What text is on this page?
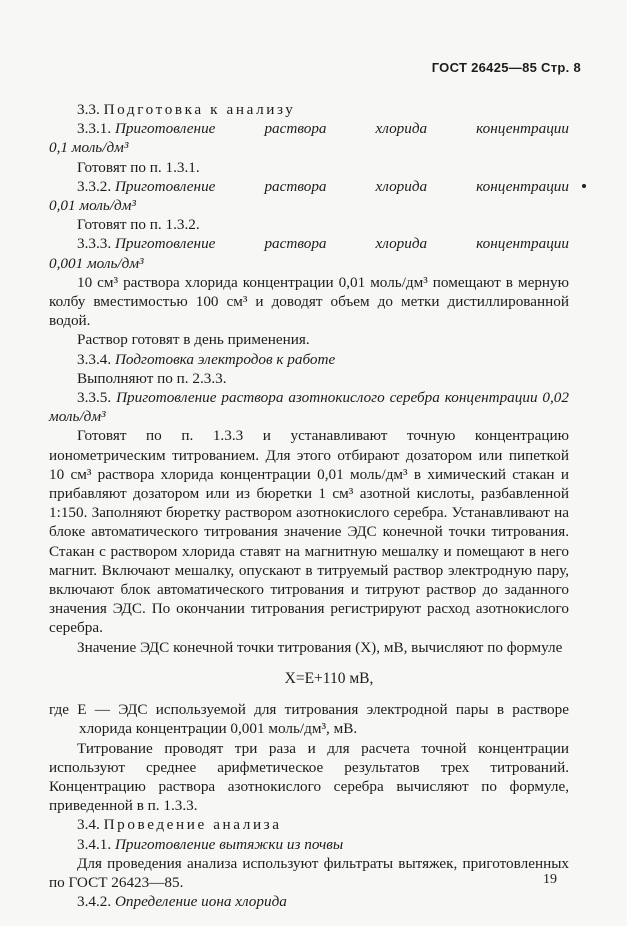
ГОСТ 26425—85 Стр. 8

3.3. Подготовка к анализу

3.3.1. Приготовление	раствора	хлорида	концентрации

0,1 моль/дм³

Готовят по п. 1.3.1.

3.3.2. Приготовление	раствора	хлорида	концентрации

0,01 моль/дм³

Готовят по п. 1.3.2.

3.3.3. Приготовление	раствора	хлорида	концентрации

0,001 моль/дм³

10 см³ раствора хлорида концентрации 0,01 моль/дм³ помещают в мерную колбу вместимостью 100 см³ и доводят объем до метки дистиллированной водой.

Раствор готовят в день применения.

3.3.4. Подготовка электродов к работе

Выполняют по п. 2.3.3.

3.3.5. Приготовление раствора азотнокислого серебра концентрации 0,02 моль/дм³

Готовят по п. 1.3.3 и устанавливают точную концентрацию ионометрическим титрованием. Для этого отбирают дозатором или пипеткой 10 см³ раствора хлорида концентрации 0,01 моль/дм³ в химический стакан и прибавляют дозатором или из бюретки 1 см³ азотной кислоты, разбавленной 1:150. Заполняют бюретку раствором азотнокислого серебра. Устанавливают на блоке автоматического титрования значение ЭДС конечной точки титрования. Стакан с раствором хлорида ставят на магнитную мешалку и помещают в него магнит. Включают мешалку, опускают в титруемый раствор электродную пару, включают блок автоматического титрования и титруют раствор до заданного значения ЭДС. По окончании титрования регистрируют расход азотнокислого серебра.

Значение ЭДС конечной точки титрования (X), мВ, вычисляют по формуле

X=E+110 мВ,

где E — ЭДС используемой для титрования электродной пары в растворе хлорида концентрации 0,001 моль/дм³, мВ.

Титрование проводят три раза и для расчета точной концентрации используют среднее арифметическое результатов трех титрований. Концентрацию раствора азотнокислого серебра вычисляют по формуле, приведенной в п. 1.3.3.

3.4. Проведение анализа

3.4.1. Приготовление вытяжки из почвы

Для проведения анализа используют фильтраты вытяжек, приготовленных по ГОСТ 26423—85.

3.4.2. Определение иона хлорида

19
